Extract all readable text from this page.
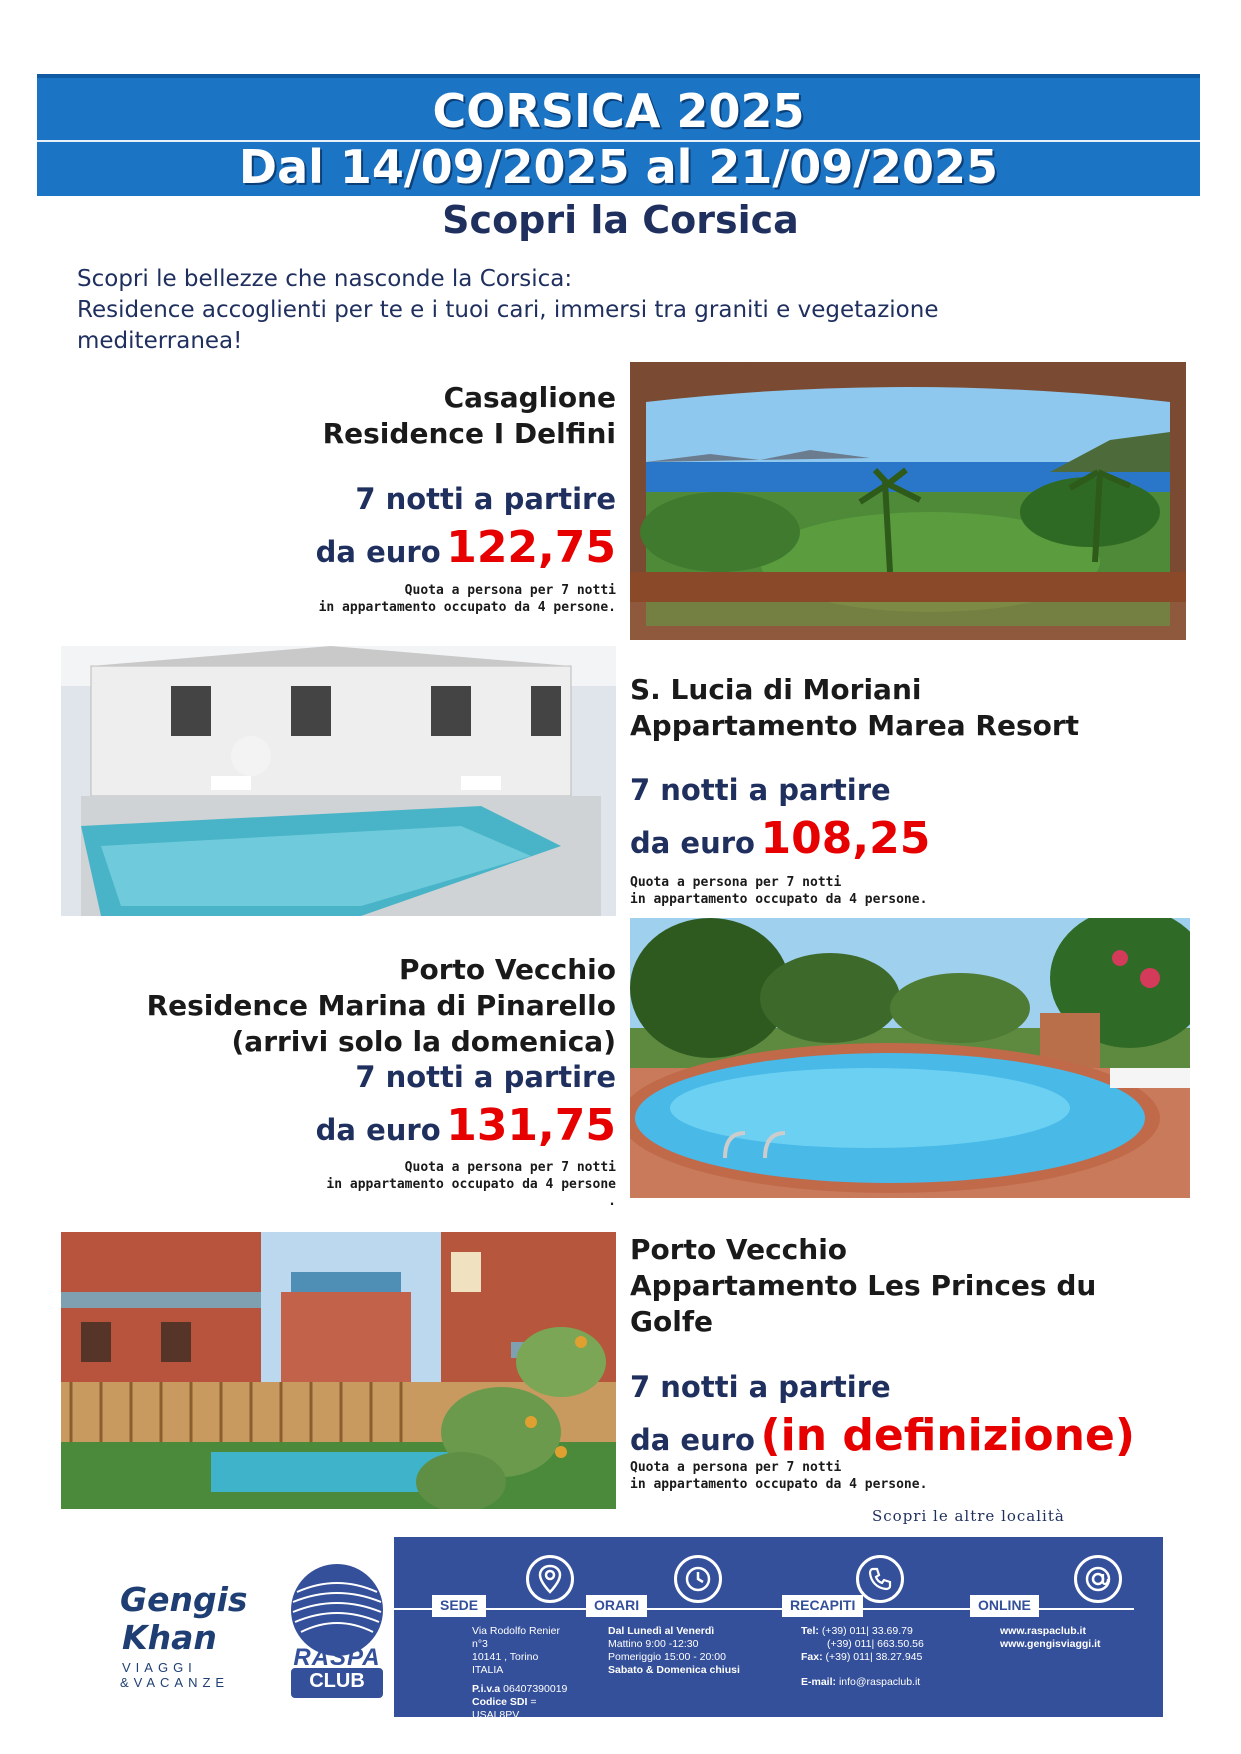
CORSICA 2025
Dal 14/09/2025 al 21/09/2025
Scopri la Corsica
Scopri le bellezze che nasconde la Corsica:
Residence accoglienti per te e i tuoi cari, immersi tra graniti e vegetazione
mediterranea!
Casaglione
Residence I Delfini
7 notti a partire
da euro 122,75
Quota a persona per 7 notti
in appartamento occupato da 4 persone.
S. Lucia di Moriani
Appartamento Marea Resort
7 notti a partire
da euro 108,25
Quota a persona per 7 notti
in appartamento occupato da 4 persone.
Porto Vecchio
Residence Marina di Pinarello
(arrivi solo la domenica)
7 notti a partire
da euro 131,75
Quota a persona per 7 notti
in appartamento occupato da 4 persone
.
Porto Vecchio
Appartamento Les Princes du
Golfe
7 notti a partire
da euro (in definizione)
Quota a persona per 7 notti
in appartamento occupato da 4 persone.
Scopri le altre località
Gengis
Khan
VIAGGI
&VACANZE
RASPA
CLUB
SEDE
Via Rodolfo Renier n°3
10141 , Torino
ITALIA
P.i.v.a 06407390019
Codice SDI = USAL8PV
ORARI
Dal Lunedì al Venerdì
Mattino 9:00 -12:30
Pomeriggio 15:00 - 20:00
Sabato & Domenica chiusi
RECAPITI
Tel: (+39) 011| 33.69.79
(+39) 011| 663.50.56
Fax: (+39) 011| 38.27.945
E-mail: info@raspaclub.it
ONLINE
www.raspaclub.it
www.gengisviaggi.it
